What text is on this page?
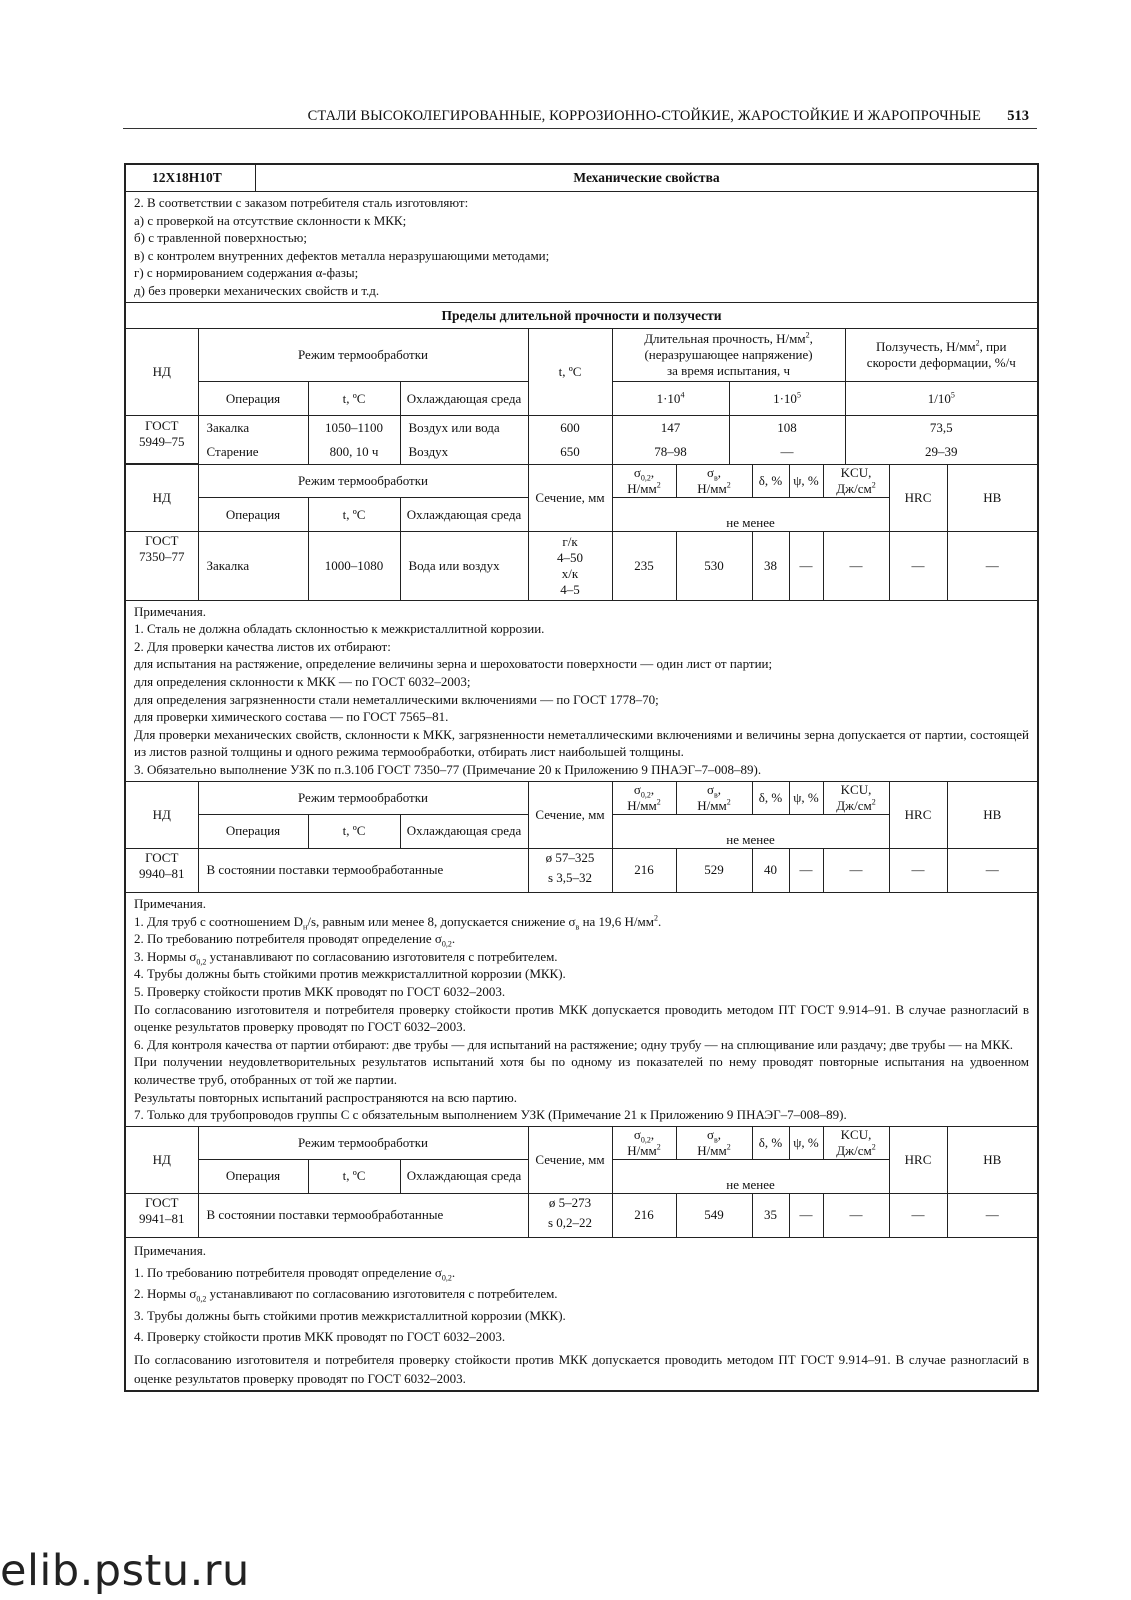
СТАЛИ ВЫСОКОЛЕГИРОВАННЫЕ, КОРРОЗИОННО-СТОЙКИЕ, ЖАРОСТОЙКИЕ И ЖАРОПРОЧНЫЕ 513
12Х18Н10Т	Механические свойства

2. В соответствии с заказом потребителя сталь изготовляют:

а) с проверкой на отсутствие склонности к МКК;

б) с травленной поверхностью;

в) с контролем внутренних дефектов металла неразрушающими методами;

г) с нормированием содержания α-фазы;

д) без проверки механических свойств и т.д.

Пределы длительной прочности и ползучести
НД	Режим термообработки			t, ºС	Длительная прочность, $Н/мм^2$,
(неразрушающее напряжение)
за время испытания, ч		Ползучесть, $Н/мм^2$, при
скорости деформации, %/ч
	Операция	t, ºС	Охлаждающая среда		$1\cdot 10^4$	$1\cdot 10^5$	$1/10^5$
ГОСТ 5949–75	Закалка	1050–1100	Воздух или вода	600	147	108	73,5
	Старение	800, 10 ч	Воздух	650	78–98	—	29–39
НД	Режим термообработки			Сечение, мм	$\sigma_{0,2}$,
$Н/мм^2$	$\sigma_в$,
$Н/мм^2$	δ, %	ψ, %	KCU,
$Дж/см^2$	HRC	НВ
	Операция	t, ºС	Охлаждающая среда		не менее						
ГОСТ 7350–77	Закалка	1000–1080	Вода или воздух	г/к
4–50
х/к
4–5	235	530	38	—	—	—	—

Примечания.

1. Сталь не должна обладать склонностью к межкристаллитной коррозии.

2. Для проверки качества листов их отбирают:

для испытания на растяжение, определение величины зерна и шероховатости поверхности — один лист от партии;

для определения склонности к МКК — по ГОСТ 6032–2003;

для определения загрязненности стали неметаллическими включениями — по ГОСТ 1778–70;

для проверки химического состава — по ГОСТ 7565–81.

Для проверки механических свойств, склонности к МКК, загрязненности неметаллическими включениями и величины зерна допускается от партии, состоящей из листов разной толщины и одного режима термообработки, отбирать лист наибольшей толщины.

3. Обязательно выполнение УЗК по п.3.10б ГОСТ 7350–77 (Примечание 20 к Приложению 9 ПНАЭГ–7–008–89).

НД	Режим термообработки			Сечение, мм	$\sigma_{0,2}$,
$Н/мм^2$	$\sigma_в$,
$Н/мм^2$	δ, %	ψ, %	KCU,
$Дж/см^2$	HRC	НВ
	Операция	t, ºС	Охлаждающая среда		не менее						
ГОСТ 9940–81	В состоянии поставки термообработанные			ø 57–325
s 3,5–32	216	529	40	—	—	—	—

Примечания.

1. Для труб с соотношением $D_н/s$, равным или менее 8, допускается снижение $\sigma_в$ на 19,6 $Н/мм^2$.

2. По требованию потребителя проводят определение $\sigma_{0,2}$.

3. Нормы $\sigma_{0,2}$ устанавливают по согласованию изготовителя с потребителем.

4. Трубы должны быть стойкими против межкристаллитной коррозии (МКК).

5. Проверку стойкости против МКК проводят по ГОСТ 6032–2003.

По согласованию изготовителя и потребителя проверку стойкости против МКК допускается проводить методом ПТ ГОСТ 9.914–91. В случае разногласий в оценке результатов проверку проводят по ГОСТ 6032–2003.

6. Для контроля качества от партии отбирают: две трубы — для испытаний на растяжение; одну трубу — на сплющивание или раздачу; две трубы — на МКК.

При получении неудовлетворительных результатов испытаний хотя бы по одному из показателей по нему проводят повторные испытания на удвоенном количестве труб, отобранных от той же партии.

Результаты повторных испытаний распространяются на всю партию.

7. Только для трубопроводов группы С с обязательным выполнением УЗК (Примечание 21 к Приложению 9 ПНАЭГ–7–008–89).

НД	Режим термообработки			Сечение, мм	$\sigma_{0,2}$,
$Н/мм^2$	$\sigma_в$,
$Н/мм^2$	δ, %	ψ, %	KCU,
$Дж/см^2$	HRC	НВ
	Операция	t, ºС	Охлаждающая среда		не менее						
ГОСТ 9941–81	В состоянии поставки термообработанные			ø 5–273
s 0,2–22	216	549	35	—	—	—	—

Примечания.

1. По требованию потребителя проводят определение $\sigma_{0,2}$.

2. Нормы $\sigma_{0,2}$ устанавливают по согласованию изготовителя с потребителем.

3. Трубы должны быть стойкими против межкристаллитной коррозии (МКК).

4. Проверку стойкости против МКК проводят по ГОСТ 6032–2003.

По согласованию изготовителя и потребителя проверку стойкости против МКК допускается проводить методом ПТ ГОСТ 9.914–91. В случае разногласий в оценке результатов проверку проводят по ГОСТ 6032–2003.

elib.pstu.ru
